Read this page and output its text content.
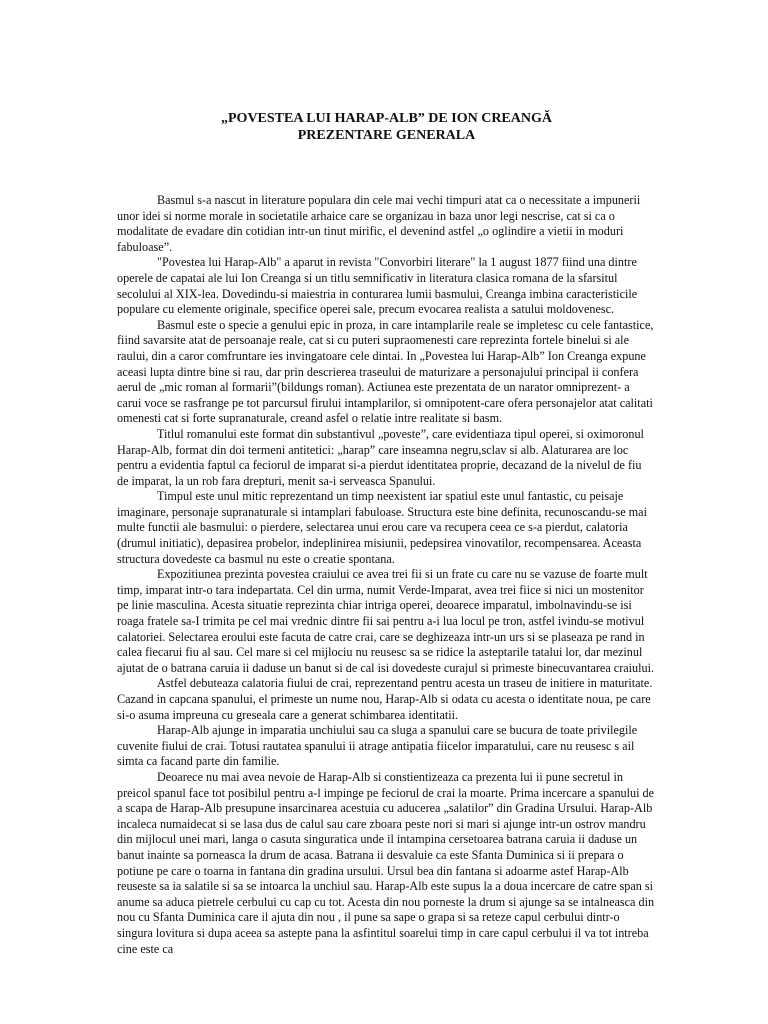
„POVESTEA LUI HARAP-ALB” DE ION CREANGĂ

PREZENTARE GENERALA

Basmul s-a nascut in literature populara din cele mai vechi timpuri atat ca o necessitate a impunerii unor idei si norme morale in societatile arhaice care se organizau in baza unor legi nescrise, cat si ca o modalitate de evadare din cotidian intr-un tinut mirific, el devenind astfel „o oglindire a vietii in moduri fabuloase”.

"Povestea lui Harap-Alb" a aparut in revista "Convorbiri literare" la 1 august 1877 fiind una dintre operele de capatai ale lui Ion Creanga si un titlu semnificativ in literatura clasica romana de la sfarsitul secolului al XIX-lea. Dovedindu-si maiestria in conturarea lumii basmului, Creanga imbina caracteristicile populare cu elemente originale, specifice operei sale, precum evocarea realista a satului moldovenesc.

Basmul este o specie a genului epic in proza, in care intamplarile reale se impletesc cu cele fantastice, fiind savarsite atat de persoanaje reale, cat si cu puteri supraomenesti care reprezinta fortele binelui si ale raului, din a caror comfruntare ies invingatoare cele dintai. In „Povestea lui Harap-Alb” Ion Creanga expune aceasi lupta dintre bine si rau, dar prin descrierea traseului de maturizare a personajului principal ii confera aerul de „mic roman al formarii”(bildungs roman). Actiunea este prezentata de un narator omniprezent- a carui voce se rasfrange pe tot parcursul firului intamplarilor, si omnipotent-care ofera personajelor atat calitati omenesti cat si forte supranaturale, creand asfel o relatie intre realitate si basm.

Titlul romanului este format din substantivul „poveste”, care evidentiaza tipul operei, si oximoronul Harap-Alb, format din doi termeni antitetici: „harap” care inseamna negru,sclav si alb. Alaturarea are loc pentru a evidentia faptul ca feciorul de imparat si-a pierdut identitatea proprie, decazand de la nivelul de fiu de imparat, la un rob fara drepturi, menit sa-i serveasca Spanului.

Timpul este unul mitic reprezentand un timp neexistent iar spatiul este unul fantastic, cu peisaje imaginare, personaje supranaturale si intamplari fabuloase. Structura este bine definita, recunoscandu-se mai multe functii ale basmului: o pierdere, selectarea unui erou care va recupera ceea ce s-a pierdut, calatoria (drumul initiatic), depasirea probelor, indeplinirea misiunii, pedepsirea vinovatilor, recompensarea. Aceasta structura dovedeste ca basmul nu este o creatie spontana.

Expozitiunea prezinta povestea craiului ce avea trei fii si un frate cu care nu se vazuse de foarte mult timp, imparat intr-o tara indepartata. Cel din urma, numit Verde-Imparat, avea trei fiice si nici un mostenitor pe linie masculina. Acesta situatie reprezinta chiar intriga operei, deoarece imparatul, imbolnavindu-se isi roaga fratele sa-I trimita pe cel mai vrednic dintre fii sai pentru a-i lua locul pe tron, astfel ivindu-se motivul calatoriei. Selectarea eroului este facuta de catre crai, care se deghizeaza intr-un urs si se plaseaza pe rand in calea fiecarui fiu al sau. Cel mare si cel mijlociu nu reusesc sa se ridice la asteptarile tatalui lor, dar mezinul ajutat de o batrana caruia ii daduse un banut si de cal isi dovedeste curajul si primeste binecuvantarea craiului.

Astfel debuteaza calatoria fiului de crai, reprezentand pentru acesta un traseu de initiere in maturitate. Cazand in capcana spanului, el primeste un nume nou, Harap-Alb si odata cu acesta o identitate noua, pe care si-o asuma impreuna cu greseala care a generat schimbarea identitatii.

Harap-Alb ajunge in imparatia unchiului sau ca sluga a spanului care se bucura de toate privilegile cuvenite fiului de crai. Totusi rautatea spanului ii atrage antipatia fiicelor imparatului, care nu reusesc s ail simta ca facand parte din familie.

Deoarece nu mai avea nevoie de Harap-Alb si constientizeaza ca prezenta lui ii pune secretul in preicol spanul face tot posibilul pentru a-l impinge pe feciorul de crai la moarte. Prima incercare a spanului de a scapa de Harap-Alb presupune insarcinarea acestuia cu aducerea „salatilor” din Gradina Ursului. Harap-Alb incaleca numaidecat si se lasa dus de calul sau care zboara peste nori si mari si ajunge intr-un ostrov mandru din mijlocul unei mari, langa o casuta singuratica unde il intampina cersetoarea batrana caruia ii daduse un banut inainte sa porneasca la drum de acasa. Batrana ii desvaluie ca este Sfanta Duminica si ii prepara o potiune pe care o toarna in fantana din gradina ursului. Ursul bea din fantana si adoarme astef Harap-Alb reuseste sa ia salatile si sa se intoarca la unchiul sau. Harap-Alb este supus la a doua incercare de catre span si anume sa aduca pietrele cerbului cu cap cu tot. Acesta din nou porneste la drum si ajunge sa se intalneasca din nou cu Sfanta Duminica care il ajuta din nou , il pune sa sape o grapa si sa reteze capul cerbului dintr-o singura lovitura si dupa aceea sa astepte pana la asfintitul soarelui timp in care capul cerbului il va tot intreba cine este ca
